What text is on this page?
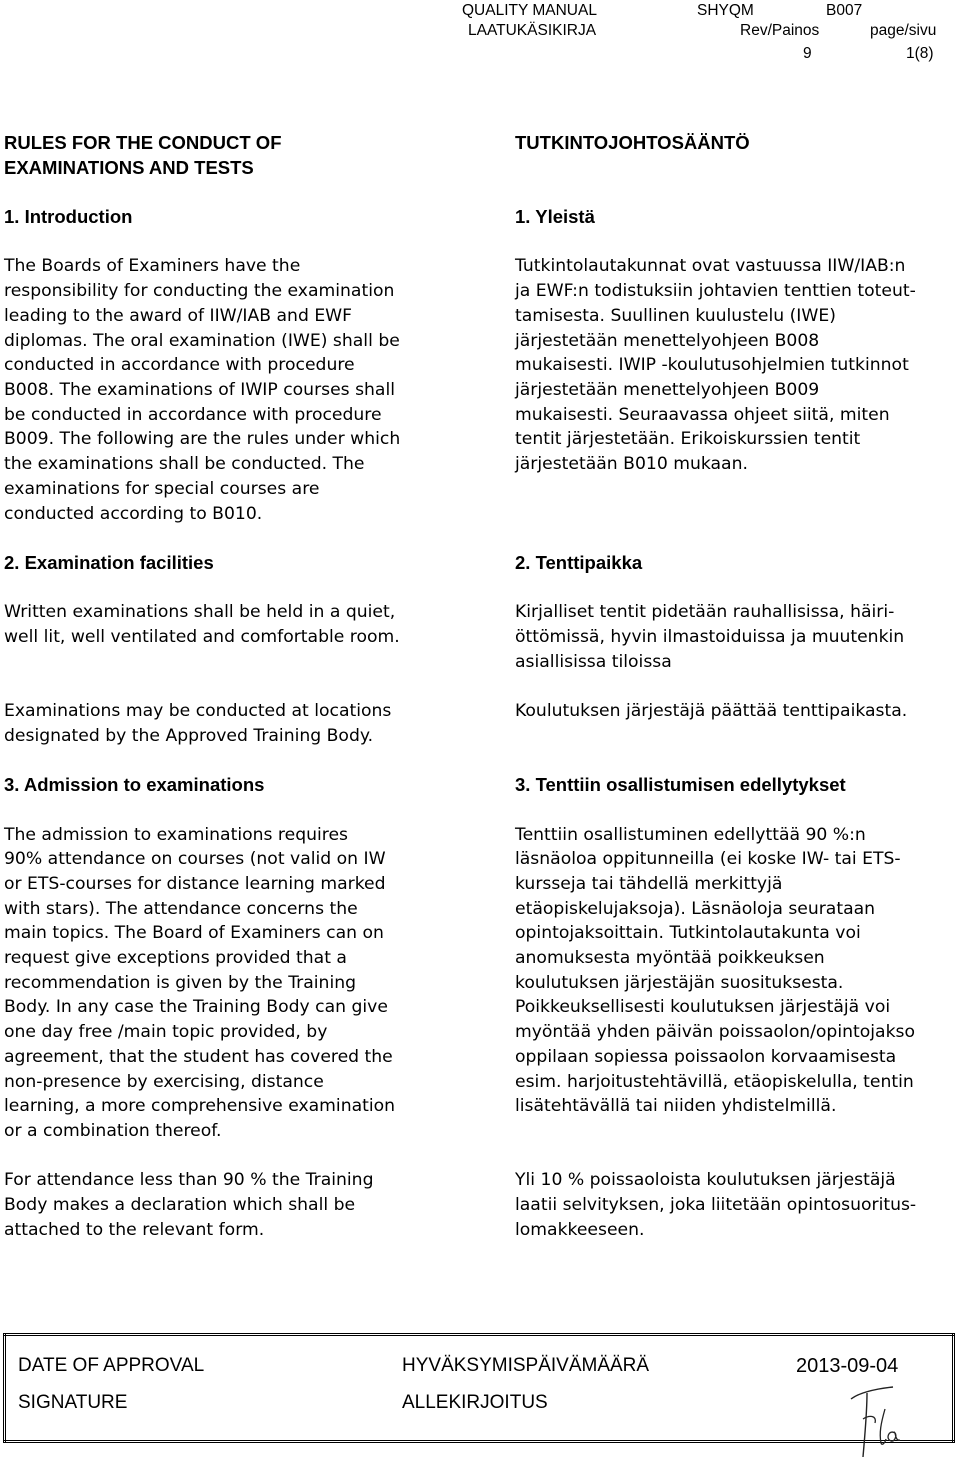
QUALITY MANUAL
LAATUKÄSIKIRJA
SHYQM	B007
Rev/Painos	page/sivu
9	1(8)
RULES FOR THE CONDUCT OF
EXAMINATIONS AND TESTS
1. Introduction
The Boards of Examiners have the
responsibility for conducting the examination
leading to the award of IIW/IAB and EWF
diplomas. The oral examination (IWE) shall be
conducted in accordance with procedure
B008. The examinations of IWIP courses shall
be conducted in accordance with procedure
B009. The following are the rules under which
the examinations shall be conducted. The
examinations for special courses are
conducted according to B010.
2. Examination facilities
Written examinations shall be held in a quiet,
well lit, well ventilated and comfortable room.
Examinations may be conducted at locations
designated by the Approved Training Body.
3. Admission to examinations
The admission to examinations requires
90% attendance on courses (not valid on IW
or ETS-courses for distance learning marked
with stars). The attendance concerns the
main topics. The Board of Examiners can on
request give exceptions provided that a
recommendation is given by the Training
Body. In any case the Training Body can give
one day free /main topic provided, by
agreement, that the student has covered the
non-presence by exercising, distance
learning, a more comprehensive examination
or a combination thereof.
For attendance less than 90 % the Training
Body makes a declaration which shall be
attached to the relevant form.
TUTKINTOJOHTOSÄÄNTÖ
1. Yleistä
Tutkintolautakunnat ovat vastuussa IIW/IAB:n
ja EWF:n todistuksiin johtavien tenttien toteut-
tamisesta. Suullinen kuulustelu (IWE)
järjestetään menettelyohjeen B008
mukaisesti. IWIP -koulutusohjelmien tutkinnot
järjestetään menettelyohjeen B009
mukaisesti. Seuraavassa ohjeet siitä, miten
tentit järjestetään. Erikoiskurssien tentit
järjestetään B010 mukaan.
2. Tenttipaikka
Kirjalliset tentit pidetään rauhallisissa, häiri-
öttömissä, hyvin ilmastoiduissa ja muutenkin
asiallisissa tiloissa
Koulutuksen järjestäjä päättää tenttipaikasta.
3. Tenttiin osallistumisen edellytykset
Tenttiin osallistuminen edellyttää 90 %:n
läsnäoloa oppitunneilla (ei koske IW- tai ETS-
kursseja tai tähdellä merkittyjä
etäopiskelujaksoja). Läsnäoloja seurataan
opintojaksoittain. Tutkintolautakunta voi
anomuksesta myöntää poikkeuksen
koulutuksen järjestäjän suosituksesta.
Poikkeuksellisesti koulutuksen järjestäjä voi
myöntää yhden päivän poissaolon/opintojakso
oppilaan sopiessa poissaolon korvaamisesta
esim. harjoitustehtävillä, etäopiskelulla, tentin
lisätehtävällä tai niiden yhdistelmillä.
Yli 10 % poissaoloista koulutuksen järjestäjä
laatii selvityksen, joka liitetään opintosuoritus-
lomakkeeseen.
DATE OF APPROVAL	HYVÄKSYMISPÄIVÄMÄÄRÄ	2013-09-04
SIGNATURE	ALLEKIRJOITUS	
